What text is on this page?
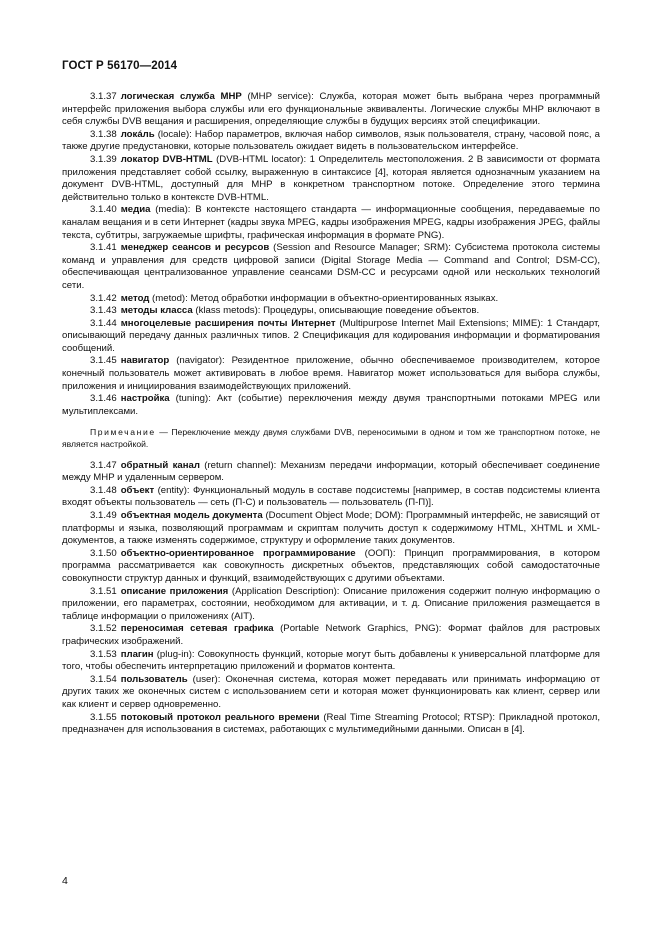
ГОСТ Р 56170—2014

3.1.37 логическая служба MHP (MHP service): Служба, которая может быть выбрана через программный интерфейс приложения выбора службы или его функциональные эквиваленты. Логические службы MHP включают в себя службы DVB вещания и расширения, определяющие службы в будущих версиях этой спецификации.

3.1.38 локáль (locale): Набор параметров, включая набор символов, язык пользователя, страну, часовой пояс, а также другие предустановки, которые пользователь ожидает видеть в пользовательском интерфейсе.

3.1.39 локатор DVB-HTML (DVB-HTML locator): 1 Определитель местоположения. 2 В зависимости от формата приложения представляет собой ссылку, выраженную в синтаксисе [4], которая является однозначным указанием на документ DVB-HTML, доступный для MHP в конкретном транспортном потоке. Определение этого термина действительно только в контексте DVB-HTML.

3.1.40 медиа (media): В контексте настоящего стандарта — информационные сообщения, передаваемые по каналам вещания и в сети Интернет (кадры звука MPEG, кадры изображения MPEG, кадры изображения JPEG, файлы текста, субтитры, загружаемые шрифты, графическая информация в формате PNG).

3.1.41 менеджер сеансов и ресурсов (Session and Resource Manager; SRM): Субсистема протокола системы команд и управления для средств цифровой записи (Digital Storage Media — Command and Control; DSM-CC), обеспечивающая централизованное управление сеансами DSM-CC и ресурсами одной или нескольких технологий сети.

3.1.42 метод (metod): Метод обработки информации в объектно-ориентированных языках.

3.1.43 методы класса (klass metods): Процедуры, описывающие поведение объектов.

3.1.44 многоцелевые расширения почты Интернет (Multipurpose Internet Mail Extensions; MIME): 1 Стандарт, описывающий передачу данных различных типов. 2 Спецификация для кодирования информации и форматирования сообщений.

3.1.45 навигатор (navigator): Резидентное приложение, обычно обеспечиваемое производителем, которое конечный пользователь может активировать в любое время. Навигатор может использоваться для выбора службы, приложения и инициирования взаимодействующих приложений.

3.1.46 настройка (tuning): Акт (событие) переключения между двумя транспортными потоками MPEG или мультиплексами.

Примечание — Переключение между двумя службами DVB, переносимыми в одном и том же транспортном потоке, не является настройкой.

3.1.47 обратный канал (return channel): Механизм передачи информации, который обеспечивает соединение между MHP и удаленным сервером.

3.1.48 объект (entity): Функциональный модуль в составе подсистемы [например, в состав подсистемы клиента входят объекты пользователь — сеть (П-С) и пользователь — пользователь (П-П)].

3.1.49 объектная модель документа (Document Object Mode; DOM): Программный интерфейс, не зависящий от платформы и языка, позволяющий программам и скриптам получить доступ к содержимому HTML, XHTML и XML-документов, а также изменять содержимое, структуру и оформление таких документов.

3.1.50 объектно-ориентированное программирование (ООП): Принцип программирования, в котором программа рассматривается как совокупность дискретных объектов, представляющих собой самодостаточные совокупности структур данных и функций, взаимодействующих с другими объектами.

3.1.51 описание приложения (Application Description): Описание приложения содержит полную информацию о приложении, его параметрах, состоянии, необходимом для активации, и т. д. Описание приложения размещается в таблице информации о приложениях (AIT).

3.1.52 переносимая сетевая графика (Portable Network Graphics, PNG): Формат файлов для растровых графических изображений.

3.1.53 плагин (plug-in): Совокупность функций, которые могут быть добавлены к универсальной платформе для того, чтобы обеспечить интерпретацию приложений и форматов контента.

3.1.54 пользователь (user): Оконечная система, которая может передавать или принимать информацию от других таких же оконечных систем с использованием сети и которая может функционировать как клиент, сервер или как клиент и сервер одновременно.

3.1.55 потоковый протокол реального времени (Real Time Streaming Protocol; RTSP): Прикладной протокол, предназначен для использования в системах, работающих с мультимедийными данными. Описан в [4].

4
